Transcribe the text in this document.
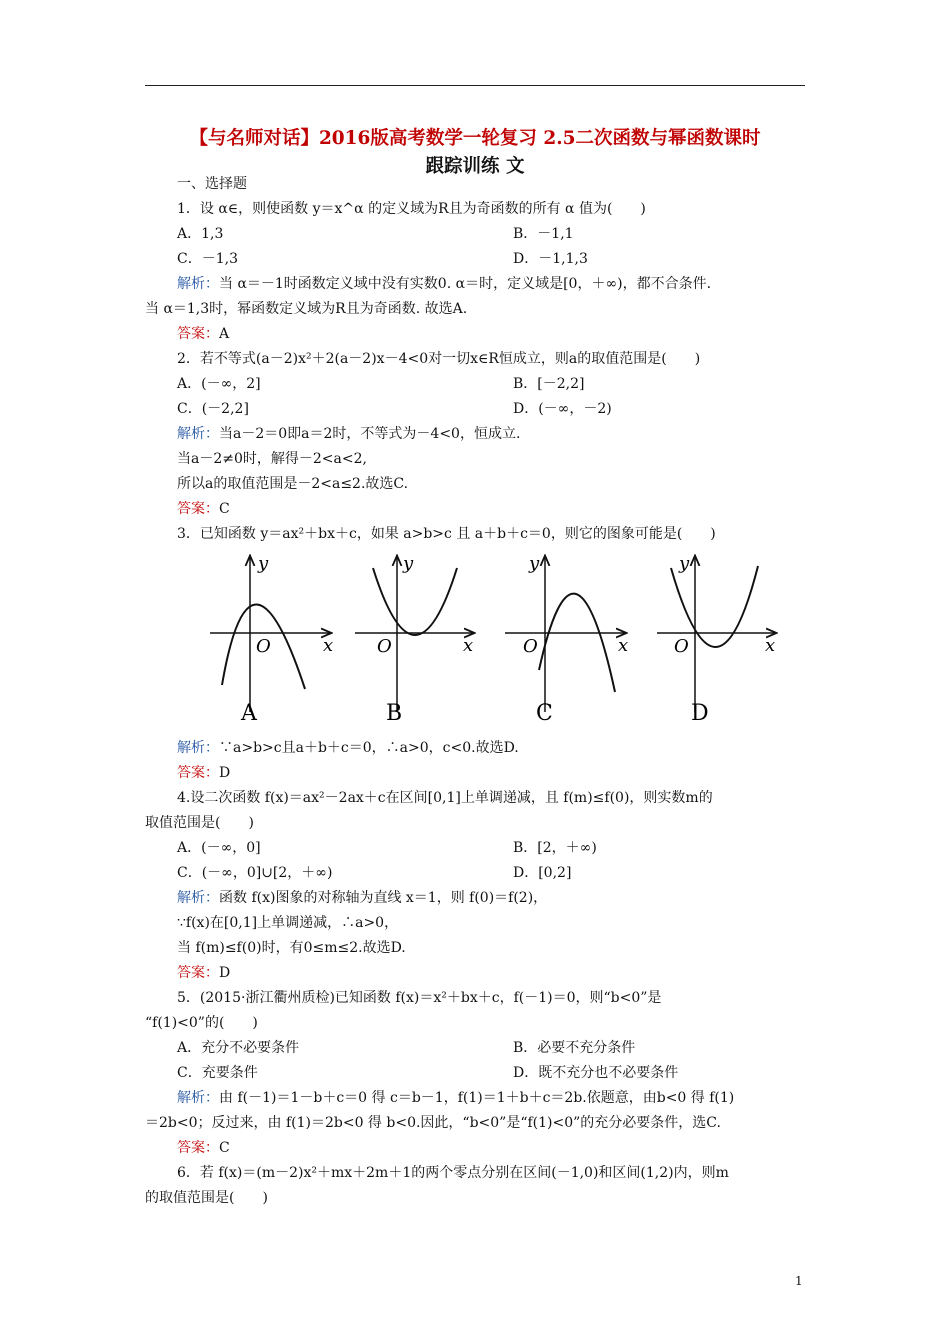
【与名师对话】2016版高考数学一轮复习 2.5二次函数与幂函数课时
跟踪训练 文
一、选择题
1．设 α∈，则使函数 y＝x^α 的定义域为R且为奇函数的所有 α 值为(　　)
A．1,3	B．－1,1
C．－1,3	D．－1,1,3
解析：当 α＝－1时函数定义域中没有实数0. α＝时，定义域是[0，＋∞)，都不合条件.
当 α＝1,3时，幂函数定义域为R且为奇函数. 故选A.
答案：A
2．若不等式(a－2)x²＋2(a－2)x－4<0对一切x∈R恒成立，则a的取值范围是(　　)
A．(－∞，2]	B．[－2,2]
C．(－2,2]	D．(－∞，－2)
解析：当a－2＝0即a＝2时，不等式为－4<0，恒成立.
当a－2≠0时，解得－2<a<2,
所以a的取值范围是－2<a≤2.故选C.
答案：C
3．已知函数 y＝ax²＋bx＋c，如果 a>b>c 且 a＋b＋c＝0，则它的图象可能是(　　)
y
x
O
A
y
x
O
B
y
x
O
C
y
x
O
D
解析：∵a>b>c且a＋b＋c＝0，∴a>0，c<0.故选D.
答案：D
4.设二次函数 f(x)＝ax²－2ax＋c在区间[0,1]上单调递减，且 f(m)≤f(0)，则实数m的
取值范围是(　　)
A．(－∞，0]	B．[2，＋∞)
C．(－∞，0]∪[2，＋∞)	D．[0,2]
解析：函数 f(x)图象的对称轴为直线 x＝1，则 f(0)＝f(2)，
∵f(x)在[0,1]上单调递减，∴a>0，
当 f(m)≤f(0)时，有0≤m≤2.故选D.
答案：D
5．(2015·浙江衢州质检)已知函数 f(x)＝x²＋bx＋c，f(－1)＝0，则“b<0”是
“f(1)<0”的(　　)
A．充分不必要条件	B．必要不充分条件
C．充要条件	D．既不充分也不必要条件
解析：由 f(－1)＝1－b＋c＝0 得 c＝b－1，f(1)＝1＋b＋c＝2b.依题意，由b<0 得 f(1)
＝2b<0；反过来，由 f(1)＝2b<0 得 b<0.因此，“b<0”是“f(1)<0”的充分必要条件，选C.
答案：C
6．若 f(x)＝(m－2)x²＋mx＋2m＋1的两个零点分别在区间(－1,0)和区间(1,2)内，则m
的取值范围是(　　)
1
